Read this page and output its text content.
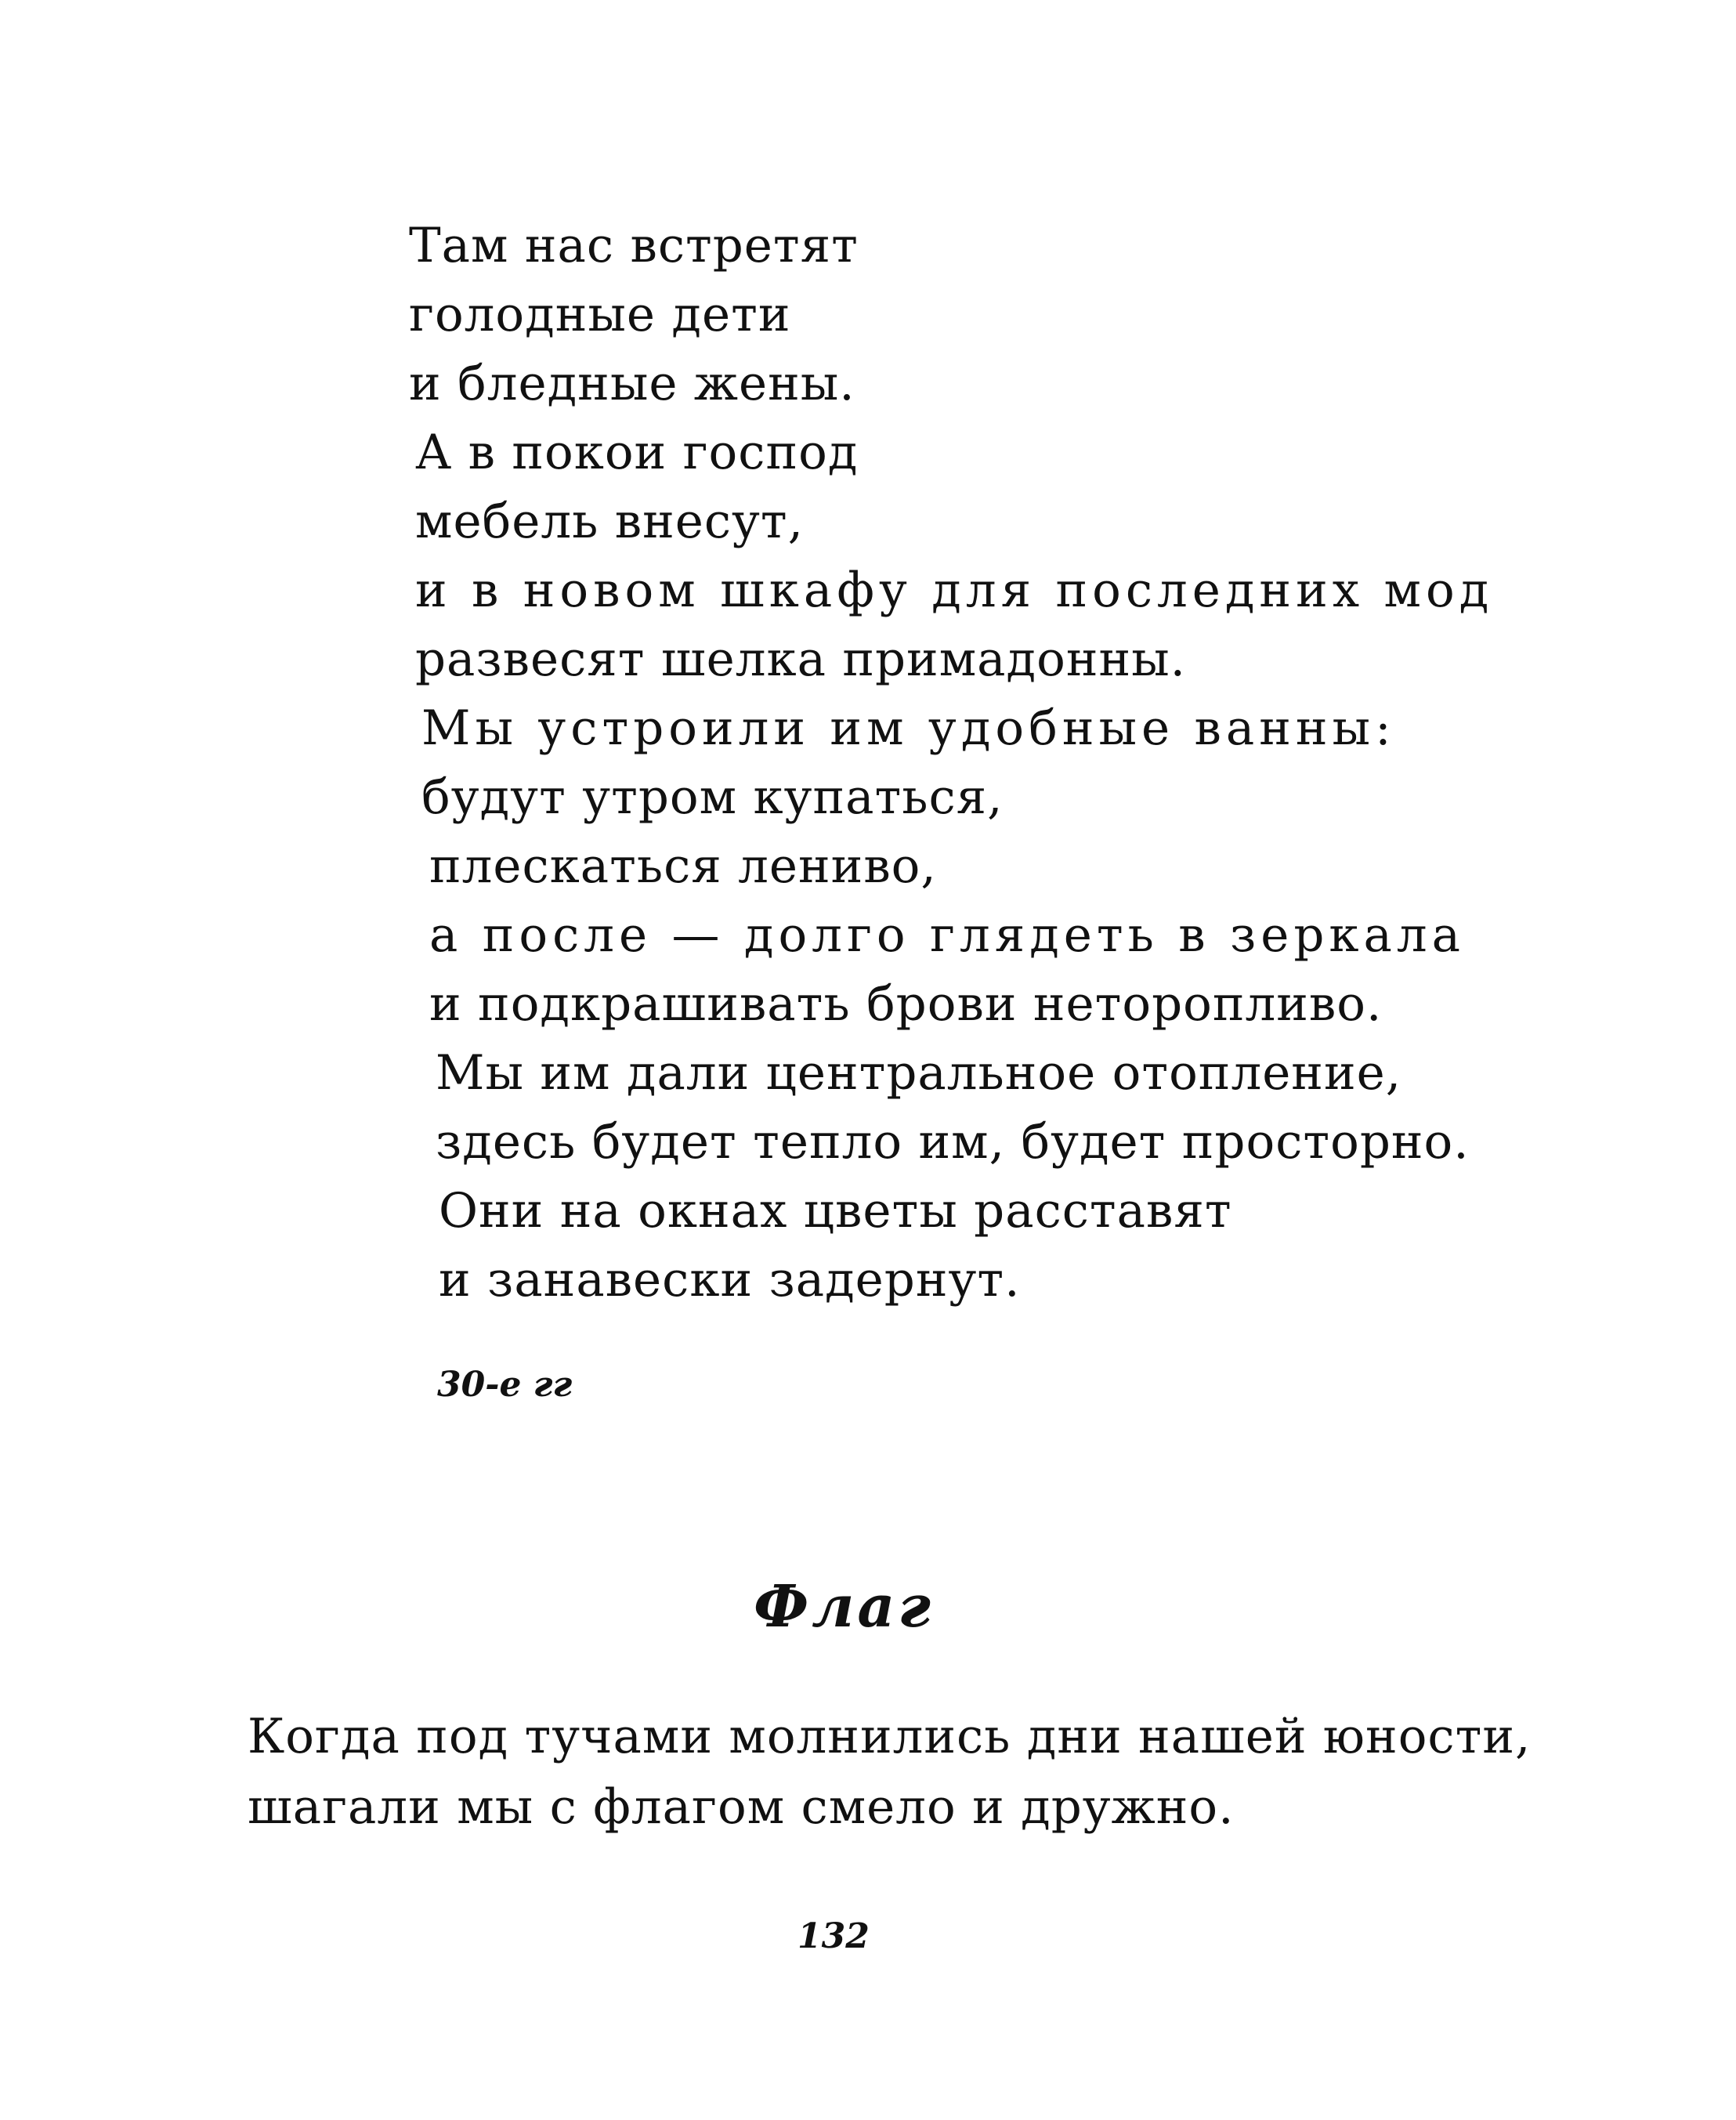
Там нас встретят
голодные дети
и бледные жены.
А в покои господ
мебель внесут,
и в новом шкафу для последних мод
развесят шелка примадонны.
Мы устроили им удобные ванны:
будут утром купаться,
плескаться лениво,
а после — долго глядеть в зеркала
и подкрашивать брови неторопливо.
Мы им дали центральное отопление,
здесь будет тепло им, будет просторно.
Они на окнах цветы расставят
и занавески задернут.
30-е гг
Флаг
Когда под тучами молнились дни нашей юности,
шагали мы с флагом смело и дружно.
132
